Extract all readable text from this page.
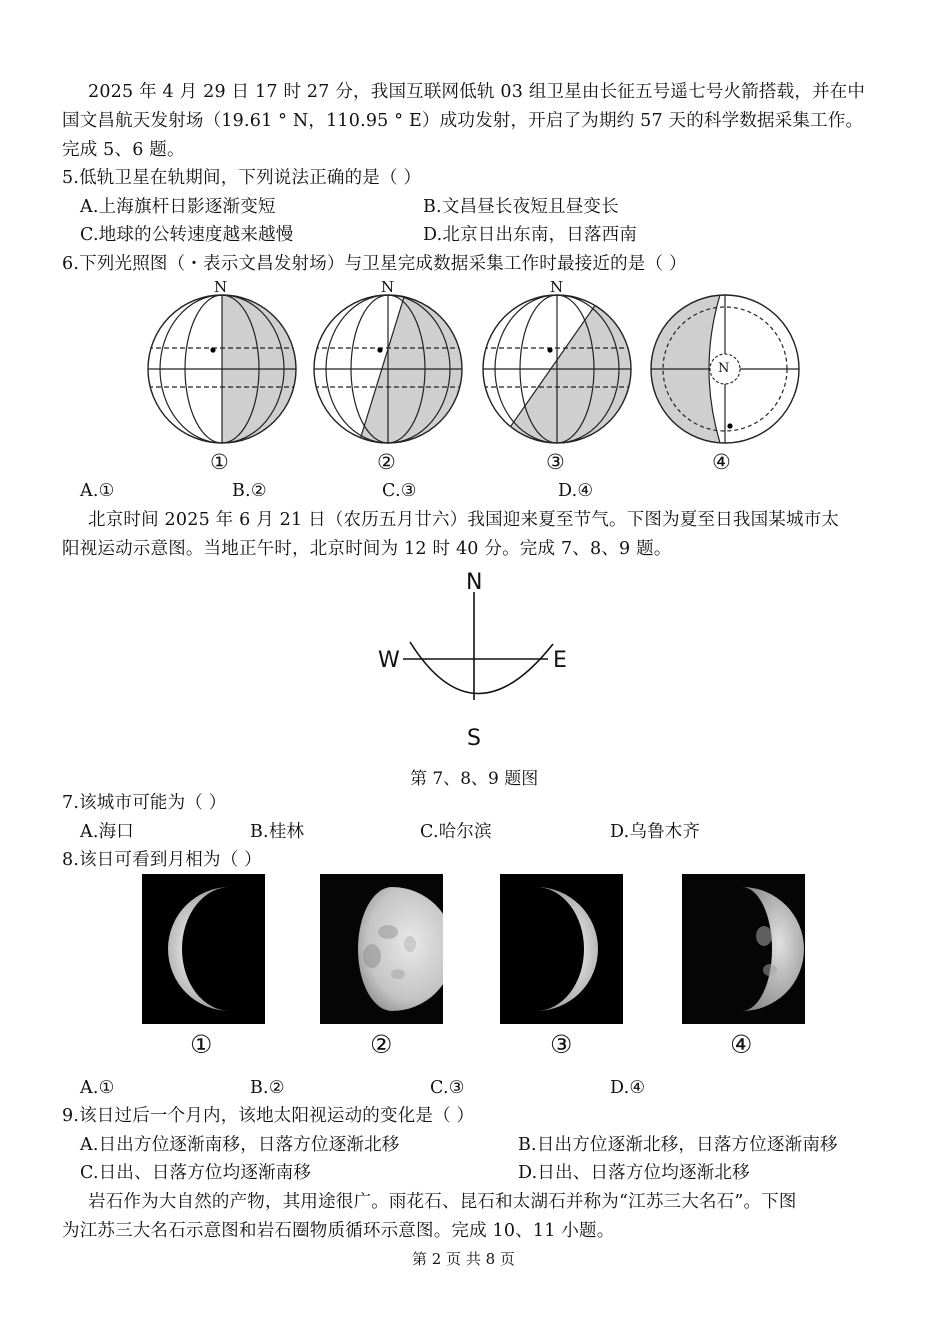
2025 年 4 月 29 日 17 时 27 分，我国互联网低轨 03 组卫星由长征五号遥七号火箭搭载，并在中
国文昌航天发射场（19.61 ° N，110.95 ° E）成功发射，开启了为期约 57 天的科学数据采集工作。
完成 5、6 题。
5.低轨卫星在轨期间，下列说法正确的是（ ）
A.上海旗杆日影逐渐变短	B.文昌昼长夜短且昼变长
C.地球的公转速度越来越慢	D.北京日出东南，日落西南
6.下列光照图（・表示文昌发射场）与卫星完成数据采集工作时最接近的是（ ）
N	N	N
N
①	②	③	④
A.①	B.②	C.③	D.④
北京时间 2025 年 6 月 21 日（农历五月廿六）我国迎来夏至节气。下图为夏至日我国某城市太
阳视运动示意图。当地正午时，北京时间为 12 时 40 分。完成 7、8、9 题。
N
S
W	E
第 7、8、9 题图
7.该城市可能为（ ）
A.海口	B.桂林	C.哈尔滨	D.乌鲁木齐
8.该日可看到月相为（ ）
①	②	③	④
A.①	B.②	C.③	D.④
9.该日过后一个月内，该地太阳视运动的变化是（ ）
A.日出方位逐渐南移，日落方位逐渐北移	B.日出方位逐渐北移，日落方位逐渐南移
C.日出、日落方位均逐渐南移	D.日出、日落方位均逐渐北移
岩石作为大自然的产物，其用途很广。雨花石、昆石和太湖石并称为“江苏三大名石”。下图
为江苏三大名石示意图和岩石圈物质循环示意图。完成 10、11 小题。
第 2 页 共 8 页
